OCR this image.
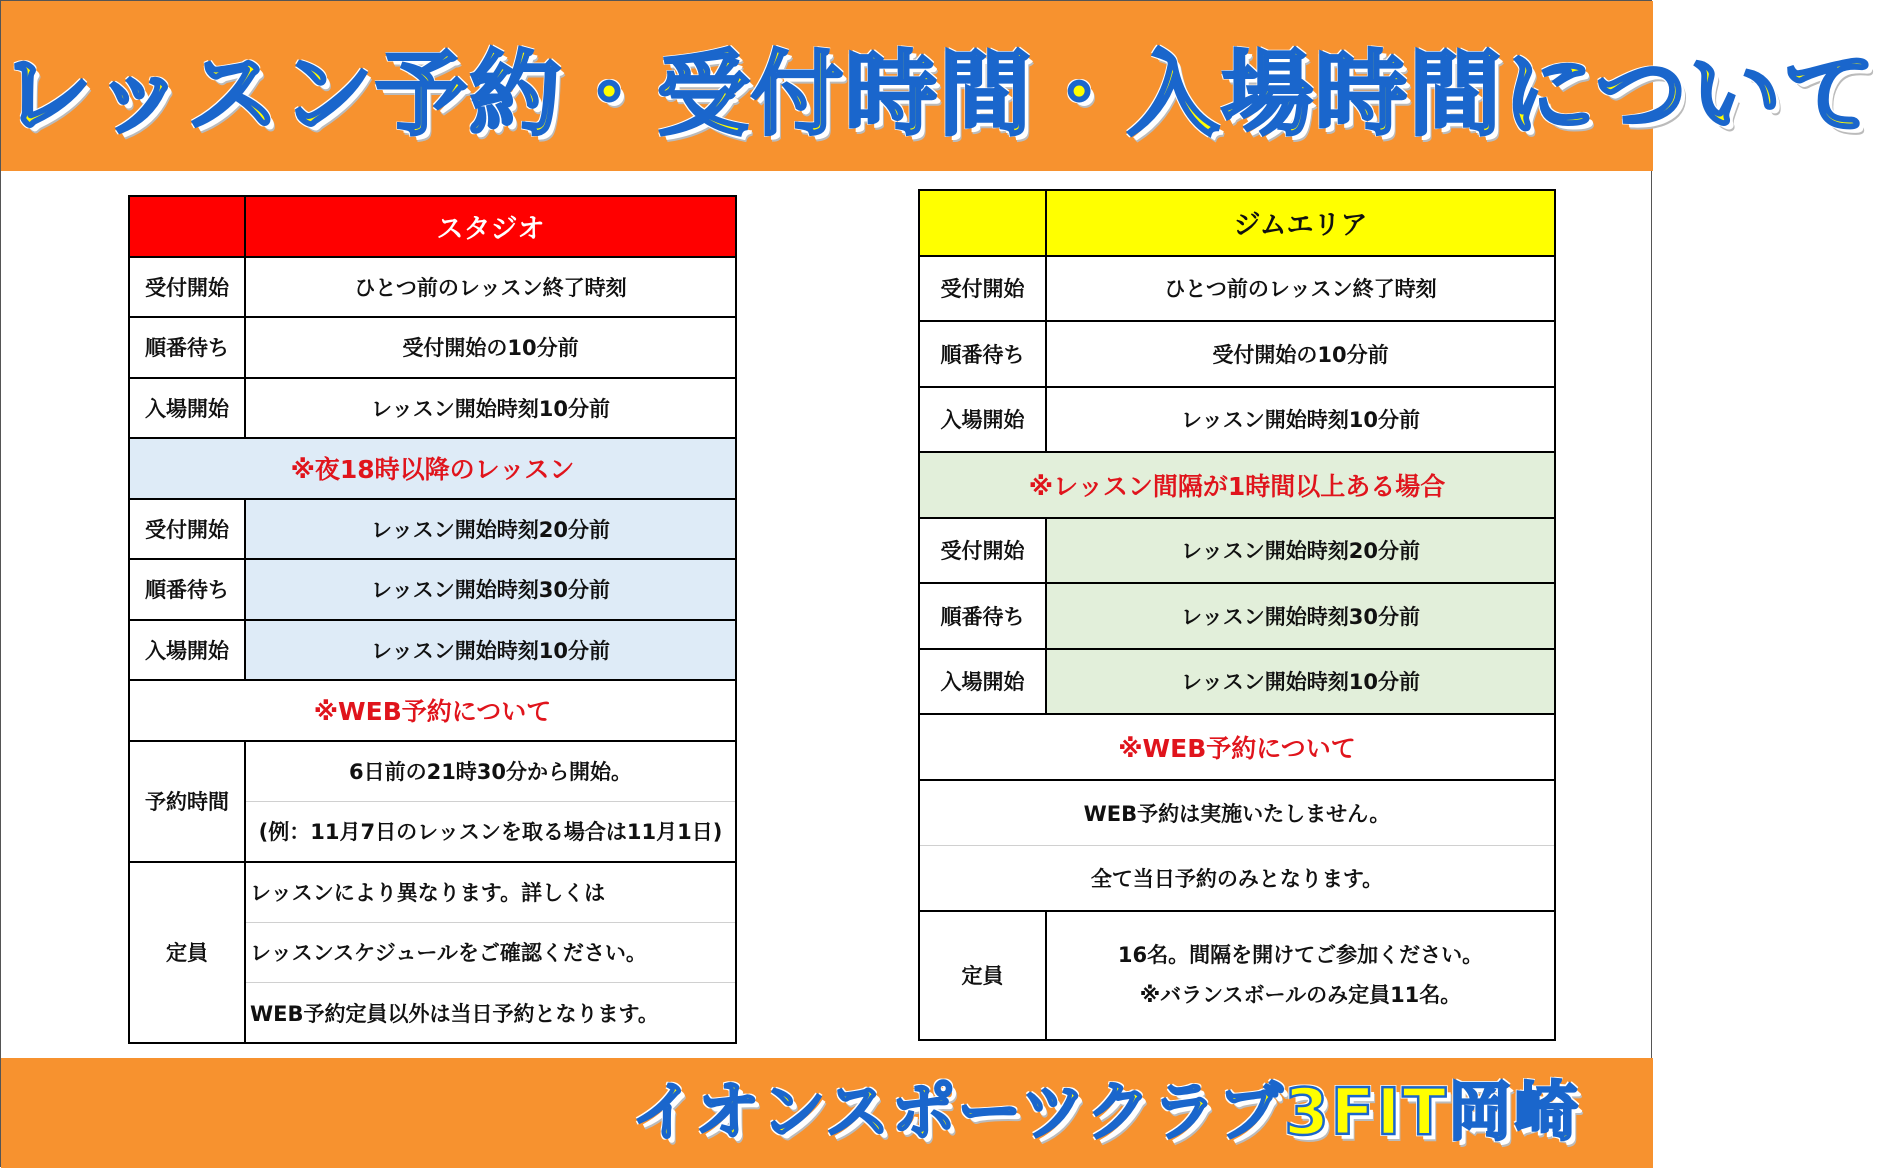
レッスン予約・受付時間・入場時間について
	スタジオ
受付開始	ひとつ前のレッスン終了時刻
順番待ち	受付開始の10分前
入場開始	レッスン開始時刻10分前
※夜18時以降のレッスン	
受付開始	レッスン開始時刻20分前
順番待ち	レッスン開始時刻30分前
入場開始	レッスン開始時刻10分前
※WEB予約について	
予約時間	6日前の21時30分から開始。
	(例：11月7日のレッスンを取る場合は11月1日)
定員	レッスンにより異なります。詳しくは
	レッスンスケジュールをご確認ください。
	WEB予約定員以外は当日予約となります。
	ジムエリア
受付開始	ひとつ前のレッスン終了時刻
順番待ち	受付開始の10分前
入場開始	レッスン開始時刻10分前
※レッスン間隔が1時間以上ある場合	
受付開始	レッスン開始時刻20分前
順番待ち	レッスン開始時刻30分前
入場開始	レッスン開始時刻10分前
※WEB予約について	
WEB予約は実施いたしません。	
全て当日予約のみとなります。	
定員	16名。間隔を開けてご参加ください。
※バランスボールのみ定員11名。
イオンスポーツクラブ3FIT岡崎
